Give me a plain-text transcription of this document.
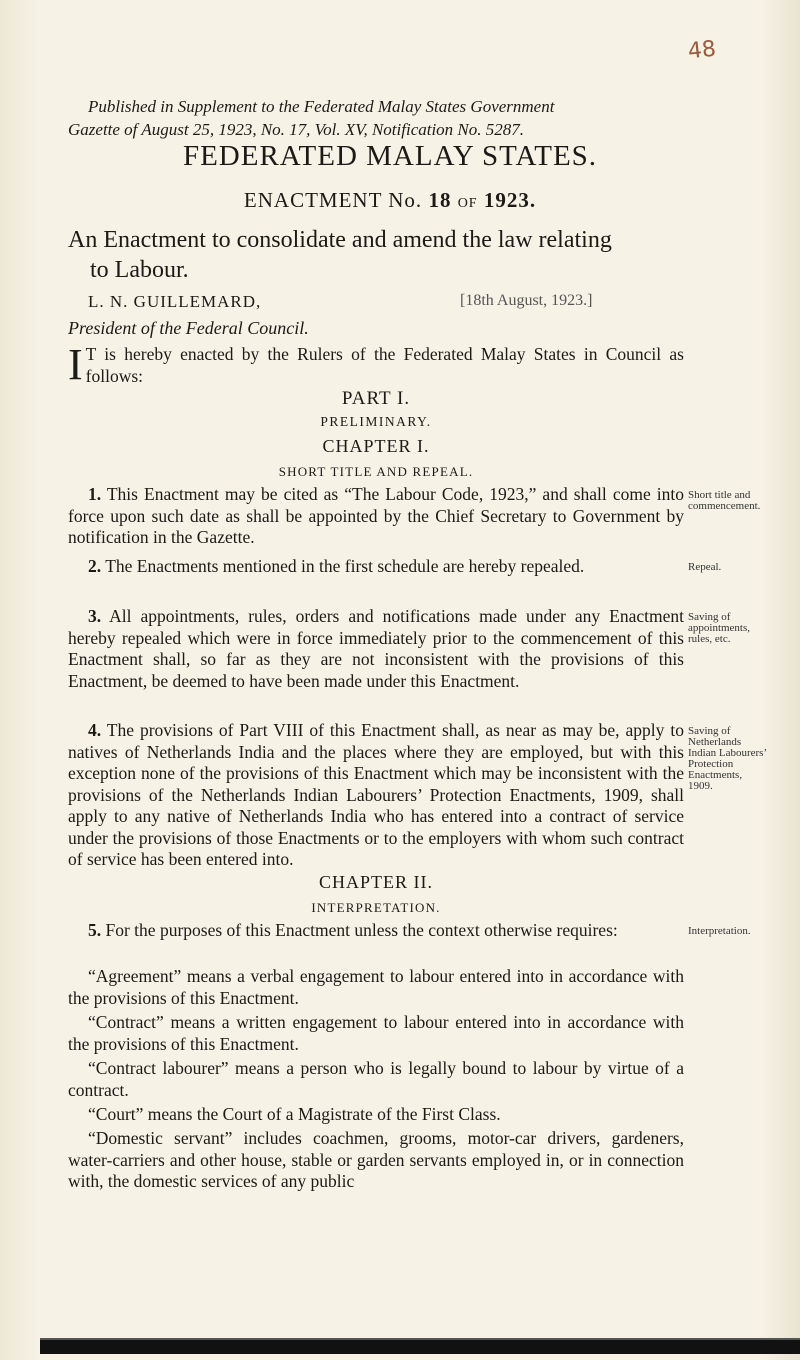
48
Published in Supplement to the Federated Malay States Government
Gazette of August 25, 1923, No. 17, Vol. XV, Notification No. 5287.
FEDERATED MALAY STATES.
ENACTMENT No. 18 OF 1923.
An Enactment to consolidate and amend the law relating
to Labour.
L. N. GUILLEMARD,	[18th August, 1923.]
President of the Federal Council.
I T is hereby enacted by the Rulers of the Federated Malay States in Council as follows:
PART I.
PRELIMINARY.
CHAPTER I.
SHORT TITLE AND REPEAL.
1. This Enactment may be cited as “The Labour Code, 1923,” and shall come into force upon such date as shall be appointed by the Chief Secretary to Government by notification in the Gazette.
Short title and commencement.
2. The Enactments mentioned in the first schedule are hereby repealed.	Repeal.
3. All appointments, rules, orders and notifications made under any Enactment hereby repealed which were in force immediately prior to the commencement of this Enactment shall, so far as they are not inconsistent with the provisions of this Enactment, be deemed to have been made under this Enactment.
Saving of appointments, rules, etc.
4. The provisions of Part VIII of this Enactment shall, as near as may be, apply to natives of Netherlands India and the places where they are employed, but with this exception none of the provisions of this Enactment which may be inconsistent with the provisions of the Netherlands Indian Labourers’ Protection Enactments, 1909, shall apply to any native of Netherlands India who has entered into a contract of service under the provisions of those Enactments or to the employers with whom such contract of service has been entered into.
Saving of Netherlands Indian Labourers’ Protection Enactments, 1909.
CHAPTER II.
INTERPRETATION.
5. For the purposes of this Enactment unless the context otherwise requires:	Interpretation.
“Agreement” means a verbal engagement to labour entered into in accordance with the provisions of this Enactment.
“Contract” means a written engagement to labour entered into in accordance with the provisions of this Enactment.
“Contract labourer” means a person who is legally bound to labour by virtue of a contract.
“Court” means the Court of a Magistrate of the First Class.
“Domestic servant” includes coachmen, grooms, motor-car drivers, gardeners, water-carriers and other house, stable or garden servants employed in, or in connection with, the domestic services of any public
